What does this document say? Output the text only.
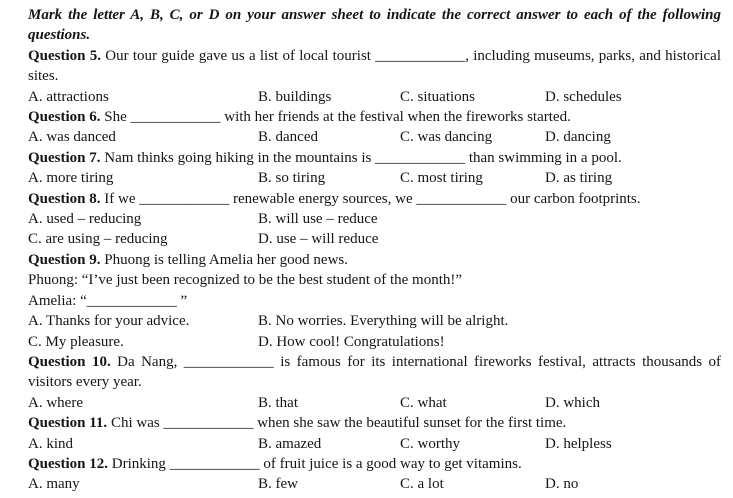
Mark the letter A, B, C, or D on your answer sheet to indicate the correct answer to each of the following questions.

Question 5. Our tour guide gave us a list of local tourist ____________, including museums, parks, and historical sites.

A. attractions	B. buildings	C. situations	D. schedules

Question 6. She ____________ with her friends at the festival when the fireworks started.

A. was danced	B. danced	C. was dancing	D. dancing

Question 7. Nam thinks going hiking in the mountains is ____________ than swimming in a pool.

A. more tiring	B. so tiring	C. most tiring	D. as tiring

Question 8. If we ____________ renewable energy sources, we ____________ our carbon footprints.

A. used – reducing	B. will use – reduce
C. are using – reducing	D. use – will reduce

Question 9. Phuong is telling Amelia her good news.

Phuong: “I’ve just been recognized to be the best student of the month!”

Amelia: “____________ ”

A. Thanks for your advice.	B. No worries. Everything will be alright.
C. My pleasure.	D. How cool! Congratulations!

Question 10. Da Nang, ____________ is famous for its international fireworks festival, attracts thousands of visitors every year.

A. where	B. that	C. what	D. which

Question 11. Chi was ____________ when she saw the beautiful sunset for the first time.

A. kind	B. amazed	C. worthy	D. helpless

Question 12. Drinking ____________ of fruit juice is a good way to get vitamins.

A. many	B. few	C. a lot	D. no
